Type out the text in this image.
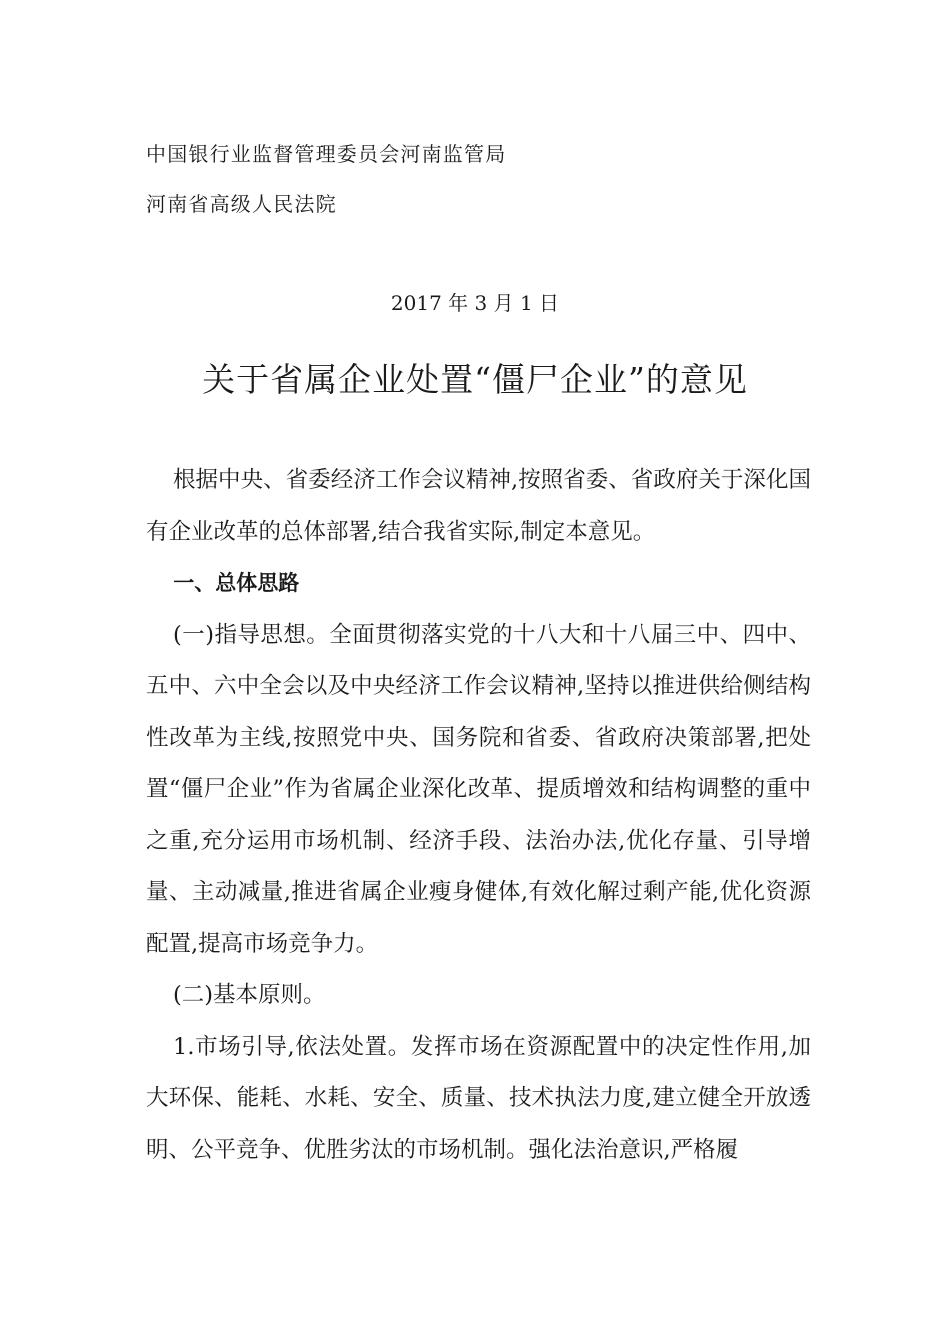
中国银行业监督管理委员会河南监管局
河南省高级人民法院
2017 年 3 月 1 日
关于省属企业处置“僵尸企业”的意见

根据中央、省委经济工作会议精神,按照省委、省政府关于深化国有企业改革的总体部署,结合我省实际,制定本意见。

一、总体思路

(一)指导思想。全面贯彻落实党的十八大和十八届三中、四中、五中、六中全会以及中央经济工作会议精神,坚持以推进供给侧结构性改革为主线,按照党中央、国务院和省委、省政府决策部署,把处置“僵尸企业”作为省属企业深化改革、提质增效和结构调整的重中之重,充分运用市场机制、经济手段、法治办法,优化存量、引导增量、主动减量,推进省属企业瘦身健体,有效化解过剩产能,优化资源配置,提高市场竞争力。

(二)基本原则。

1.市场引导,依法处置。发挥市场在资源配置中的决定性作用,加大环保、能耗、水耗、安全、质量、技术执法力度,建立健全开放透明、公平竞争、优胜劣汰的市场机制。强化法治意识,严格履
